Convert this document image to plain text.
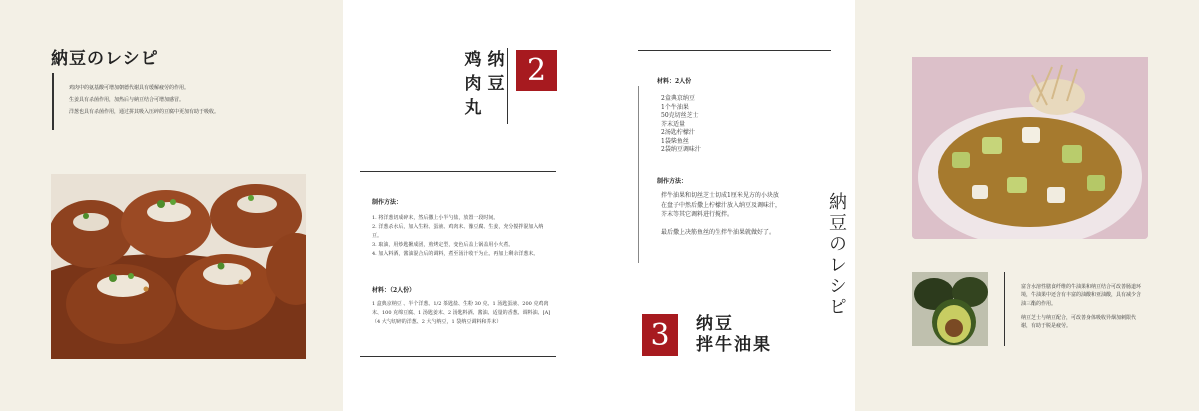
納豆のレシピ
鸡肉中的氨基酸可增加朝德代谢具有缓解疲劳的作用。
生姜具有杀菌作用，加热后与納豆结合可增加感冒。
洋葱也具有杀菌作用，通过拼其吸入压碎的豆腐中更加有助于吸收。
纳
豆
鸡
肉
丸
2
制作方法：
1. 将洋葱切成碎末，然后撒上小半勺盐，放置一段时间。
2. 洋葱杀水后，加入生粉、蛋液、鸡肉末、豫豆腐、生姜，充分搅拌混加入纳豆。
3. 取油，用炒匙揪成团，煎烤定型，变色后盖上锅盖用小火煮。
4. 加入料酒，酱油混合后的调料，煮至汤汁收干为止。再加上剩余洋葱末。
材料：（2人份）
1 盒典京纳豆 、半个洋葱、1/2 茶匙盐、生粉 30 克、1 汤匙蛋液、200 克鸡肉末、100 克绵豆腐、1 汤匙姜末、2 汤匙料酒、酱油、适量的香葱、调料油、[A]（4 大勺切碎的洋葱、2 大勺纳豆，1 袋纳豆调料和芥末）
材料：2人份
2盒典京纳豆
1个牛油果
50克切丝芝士
芥末适量
2汤匙柠檬汁
1袋柴鱼丝
2袋纳豆调味汁
制作方法：
拌牛油果和切丝芝士切成1厘米见方的小块放在盘子中然后撒上柠檬汁放入纳豆及调味汁，芥末等其它调料进行搅拌。
最后撒上决筋鱼丝的生拌牛油果就做好了。
3	纳豆
拌牛油果
納豆のレシピ	富含水溶性膳食纤维的牛油果和纳豆结合可改善肠道环境，牛油果中还含有丰富的油酸和亚油酸，具有减少含油三酯的作用。
纳豆芝士与纳豆配合，可改善身体吸收异烟加刺限代谢，有助于脱是疲劳。
